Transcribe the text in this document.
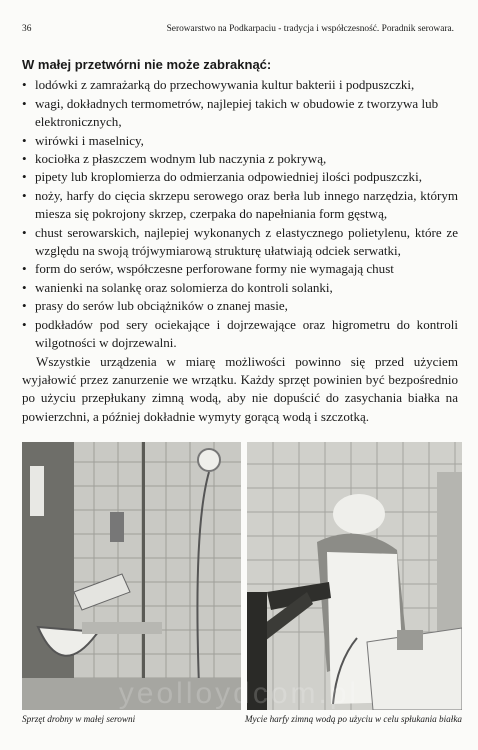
36	Serowarstwo na Podkarpaciu - tradycja i współczesność. Poradnik serowara.
W małej przetwórni nie może zabraknąć:
• lodówki z zamrażarką do przechowywania kultur bakterii i podpuszczki,
• wagi, dokładnych termometrów, najlepiej takich w obudowie z tworzywa lub elektronicznych,
• wirówki i maselnicy,
• kociołka z płaszczem wodnym lub naczynia z pokrywą,
• pipety lub kroplomierza do odmierzania odpowiedniej ilości podpuszczki,
• noży, harfy do cięcia skrzepu serowego oraz berła lub innego narzędzia, którym miesza się pokrojony skrzep, czerpaka do napełniania form gęstwą,
• chust serowarskich, najlepiej wykonanych z elastycznego polietylenu, które ze względu na swoją trójwymiarową strukturę ułatwiają odciek serwatki,
• form do serów, współczesne perforowane formy nie wymagają chust
• wanienki na solankę oraz solomierza do kontroli solanki,
• prasy do serów lub obciążników o znanej masie,
• podkładów pod sery ociekające i dojrzewające oraz higrometru do kontroli wilgotności w dojrzewalni.

Wszystkie urządzenia w miarę możliwości powinno się przed użyciem wyjałowić przez zanurzenie we wrzątku. Każdy sprzęt powinien być bezpośrednio po użyciu przepłukany zimną wodą, aby nie dopuścić do zasychania białka na powierzchni, a później dokładnie wymyty gorącą wodą i szczotką.

Sprzęt drobny w małej serowni	Mycie harfy zimną wodą po użyciu w celu spłukania białka
